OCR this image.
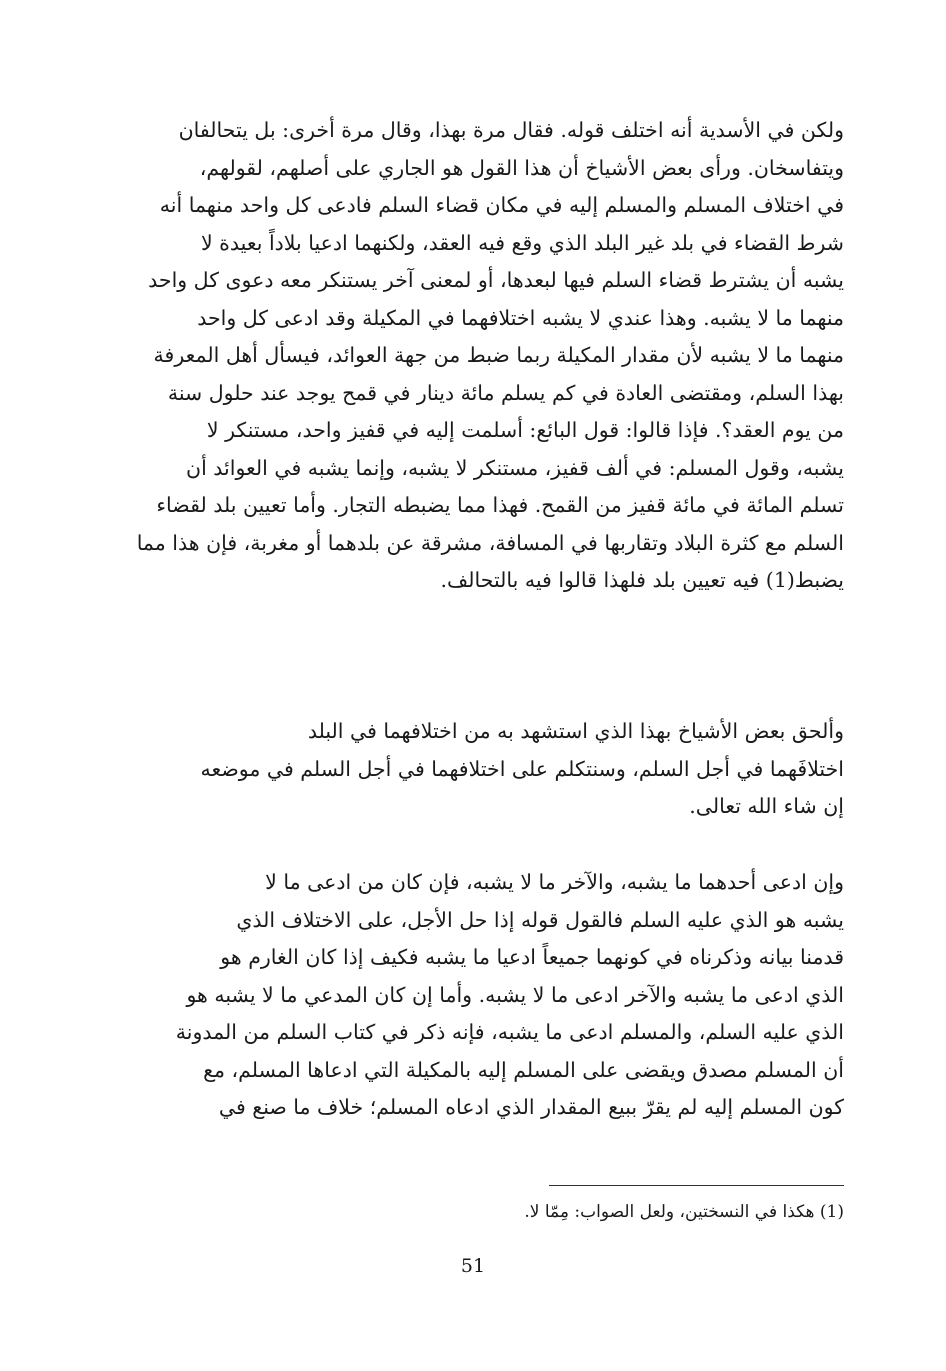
ولكن في الأسدية أنه اختلف قوله. فقال مرة بهذا، وقال مرة أخرى: بل يتحالفان
ويتفاسخان. ورأى بعض الأشياخ أن هذا القول هو الجاري على أصلهم، لقولهم،
في اختلاف المسلم والمسلم إليه في مكان قضاء السلم فادعى كل واحد منهما أنه
شرط القضاء في بلد غير البلد الذي وقع فيه العقد، ولكنهما ادعيا بلاداً بعيدة لا
يشبه أن يشترط قضاء السلم فيها لبعدها، أو لمعنى آخر يستنكر معه دعوى كل واحد
منهما ما لا يشبه. وهذا عندي لا يشبه اختلافهما في المكيلة وقد ادعى كل واحد
منهما ما لا يشبه لأن مقدار المكيلة ربما ضبط من جهة العوائد، فيسأل أهل المعرفة
بهذا السلم، ومقتضى العادة في كم يسلم مائة دينار في قمح يوجد عند حلول سنة
من يوم العقد؟. فإذا قالوا: قول البائع: أسلمت إليه في قفيز واحد، مستنكر لا
يشبه، وقول المسلم: في ألف قفيز، مستنكر لا يشبه، وإنما يشبه في العوائد أن
تسلم المائة في مائة قفيز من القمح. فهذا مما يضبطه التجار. وأما تعيين بلد لقضاء
السلم مع كثرة البلاد وتقاربها في المسافة، مشرقة عن بلدهما أو مغربة، فإن هذا مما
يضبط(1) فيه تعيين بلد فلهذا قالوا فيه بالتحالف.
وألحق بعض الأشياخ بهذا الذي استشهد به من اختلافهما في البلد
اختلافَهما في أجل السلم، وسنتكلم على اختلافهما في أجل السلم في موضعه
إن شاء الله تعالى.
وإن ادعى أحدهما ما يشبه، والآخر ما لا يشبه، فإن كان من ادعى ما لا
يشبه هو الذي عليه السلم فالقول قوله إذا حل الأجل، على الاختلاف الذي
قدمنا بيانه وذكرناه في كونهما جميعاً ادعيا ما يشبه فكيف إذا كان الغارم هو
الذي ادعى ما يشبه والآخر ادعى ما لا يشبه. وأما إن كان المدعي ما لا يشبه هو
الذي عليه السلم، والمسلم ادعى ما يشبه، فإنه ذكر في كتاب السلم من المدونة
أن المسلم مصدق ويقضى على المسلم إليه بالمكيلة التي ادعاها المسلم، مع
كون المسلم إليه لم يقرّ ببيع المقدار الذي ادعاه المسلم؛ خلاف ما صنع في
(1) هكذا في النسختين، ولعل الصواب: مِمّا لا.
51
